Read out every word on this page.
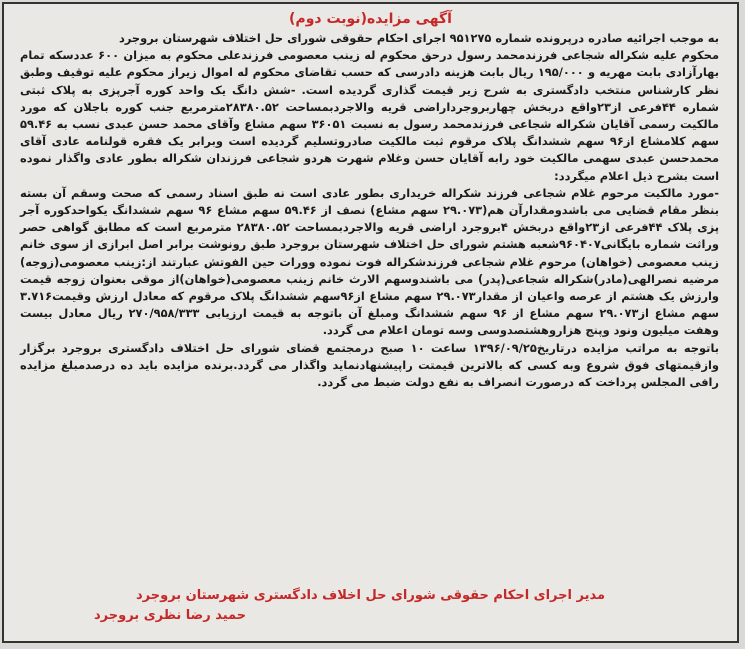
آگهی مزایده(نوبت دوم)

به موجب اجرائیه صادره درپرونده شماره ۹۵۱۲۷۵ اجرای احکام حقوقی شورای حل اختلاف شهرستان بروجرد

محکوم علیه شکراله شجاعی فرزندمحمد رسول درحق محکوم له زینب معصومی فرزندعلی محکوم به میزان ۶۰۰ عددسکه تمام بهارآزادی بابت مهریه و ۱۹۵/۰۰۰ ریال بابت هزینه دادرسی که حسب تقاضای محکوم له اموال زیراز محکوم علیه توقیف وطبق نظر کارشناس منتخب دادگستری به شرح زیر قیمت گذاری گردیده است. -شش دانگ یک واحد کوره آجرپزی به پلاک ثبتی شماره ۴۴فرعی از۲۳واقع دربخش چهاربروجرداراضی قریه والاجردبمساحت ۲۸۳۸۰.۵۲مترمربع جنب کوره باجلان که مورد مالکیت رسمی آقایان شکراله شجاعی فرزندمحمد رسول به نسبت ۳۶۰۵۱ سهم مشاع وآقای محمد حسن عبدی نسب به ۵۹.۴۶ سهم کلامشاع از۹۶ سهم ششدانگ پلاک مرقوم ثبت مالکیت صادروتسلیم گردیده است وبرابر یک فقره قولنامه عادی آقای محمدحسن عبدی سهمی مالکیت خود رابه آقایان حسن وغلام شهرت هردو شجاعی فرزندان شکراله بطور عادی واگذار نموده است بشرح ذیل اعلام میگردد:

-مورد مالکیت مرحوم غلام شجاعی فرزند شکراله خریداری بطور عادی است نه طبق اسناد رسمی که صحت وسقم آن بسته بنظر مقام قضایی می باشدومقدارآن هم(۲۹.۰۷۳ سهم مشاع) نصف از ۵۹.۴۶ سهم مشاع ۹۶ سهم ششدانگ یکواحدکوره آجر پزی پلاک ۴۴فرعی از۲۳واقع دربخش ۴بروجرد اراضی قریه والاجردبمساحت ۲۸۳۸۰.۵۲ مترمربع است که مطابق گواهی حصر وراثت شماره بایگانی۹۶۰۴۰۷شعبه هشتم شورای حل اختلاف شهرستان بروجرد طبق رونوشت برابر اصل ابرازی از سوی خانم زینب معصومی (خواهان) مرحوم غلام شجاعی فرزندشکراله فوت نموده وورات حین الفوتش عبارتند از:زینب معصومی(زوجه) مرضیه نصرالهی(مادر)شکراله شجاعی(پدر) می باشندوسهم الارث خانم زینب معصومی(خواهان)از موقی بعنوان زوجه قیمت وارزش یک هشتم از عرصه واعیان از مقدار۲۹.۰۷۳ سهم مشاع از۹۶سهم ششدانگ پلاک مرقوم که معادل ارزش وقیمت۳.۷۱۶ سهم مشاع از۲۹.۰۷۳ سهم مشاع از ۹۶ سهم ششدانگ ومبلغ آن باتوجه به قیمت ارزیابی ۲۷۰/۹۵۸/۳۳۳ ریال معادل بیست وهفت میلیون ونود وپنج هزاروهشتصدوسی وسه تومان اعلام می گردد.

باتوجه به مراتب مزایده درتاریخ۱۳۹۶/۰۹/۲۵ ساعت ۱۰ صبح درمجتمع قضای شورای حل اختلاف دادگستری بروجرد برگزار وازقیمتهای فوق شروع وبه کسی که بالاترین قیمتت راپیشنهادنماید واگذار می گردد.برنده مزایده باید ده درصدمبلغ مزایده رافی المجلس پرداخت که درصورت انصراف به نفع دولت ضبط می گردد.

مدیر اجرای احکام حقوقی شورای حل اخلاف دادگستری شهرستان بروجرد
حمید رضا نظری بروجرد
